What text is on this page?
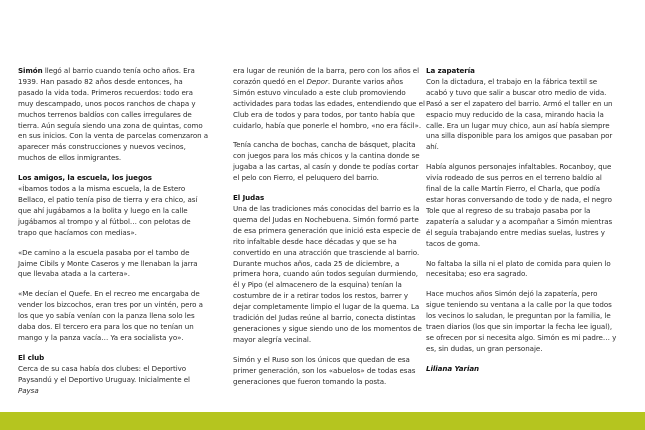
Simón llegó al barrio cuando tenía ocho años. Era 1939. Han pasado 82 años desde entonces, ha pasado la vida toda. Primeros recuerdos: todo era muy descampado, unos pocos ranchos de chapa y muchos terrenos baldíos con calles irregulares de tierra. Aún seguía siendo una zona de quintas, como en sus inicios. Con la venta de parcelas comenzaron a aparecer más construcciones y nuevos vecinos, muchos de ellos inmigrantes.

Los amigos, la escuela, los juegos

«Íbamos todos a la misma escuela, la de Estero Bellaco, el patio tenía piso de tierra y era chico, así que ahí jugábamos a la bolita y luego en la calle jugábamos al trompo y al fútbol… con pelotas de trapo que hacíamos con medias».

«De camino a la escuela pasaba por el tambo de Jaime Cibils y Monte Caseros y me llenaban la jarra que llevaba atada a la cartera».

«Me decían el Quefe. En el recreo me encargaba de vender los bizcochos, eran tres por un vintén, pero a los que yo sabía venían con la panza llena solo les daba dos. El tercero era para los que no tenían un mango y la panza vacía… Ya era socialista yo».

El club

Cerca de su casa había dos clubes: el Deportivo Paysandú y el Deportivo Uruguay. Inicialmente el Paysa

era lugar de reunión de la barra, pero con los años el corazón quedó en el Depor. Durante varios años Simón estuvo vinculado a este club promoviendo actividades para todas las edades, entendiendo que el Club era de todos y para todos, por tanto había que cuidarlo, había que ponerle el hombro, «no era fácil».

Tenía cancha de bochas, cancha de básquet, placita con juegos para los más chicos y la cantina donde se jugaba a las cartas, al casín y donde te podías cortar el pelo con Fierro, el peluquero del barrio.

El Judas

Una de las tradiciones más conocidas del barrio es la quema del Judas en Nochebuena. Simón formó parte de esa primera generación que inició esta especie de rito infaltable desde hace décadas y que se ha convertido en una atracción que trasciende al barrio. Durante muchos años, cada 25 de diciembre, a primera hora, cuando aún todos seguían durmiendo, él y Pipo (el almacenero de la esquina) tenían la costumbre de ir a retirar todos los restos, barrer y dejar completamente limpio el lugar de la quema. La tradición del Judas reúne al barrio, conecta distintas generaciones y sigue siendo uno de los momentos de mayor alegría vecinal.

Simón y el Ruso son los únicos que quedan de esa primer generación, son los «abuelos» de todas esas generaciones que fueron tomando la posta.

La zapatería

Con la dictadura, el trabajo en la fábrica textil se acabó y tuvo que salir a buscar otro medio de vida. Pasó a ser el zapatero del barrio. Armó el taller en un espacio muy reducido de la casa, mirando hacia la calle. Era un lugar muy chico, aun así había siempre una silla disponible para los amigos que pasaban por ahí.

Había algunos personajes infaltables. Rocanboy, que vivía rodeado de sus perros en el terreno baldío al final de la calle Martín Fierro, el Charla, que podía estar horas conversando de todo y de nada, el negro Tole que al regreso de su trabajo pasaba por la zapatería a saludar y a acompañar a Simón mientras él seguía trabajando entre medias suelas, lustres y tacos de goma.

No faltaba la silla ni el plato de comida para quien lo necesitaba; eso era sagrado.

Hace muchos años Simón dejó la zapatería, pero sigue teniendo su ventana a la calle por la que todos los vecinos lo saludan, le preguntan por la familia, le traen diarios (los que sin importar la fecha lee igual), se ofrecen por si necesita algo. Simón es mi padre… y es, sin dudas, un gran personaje.

Liliana Yarian
